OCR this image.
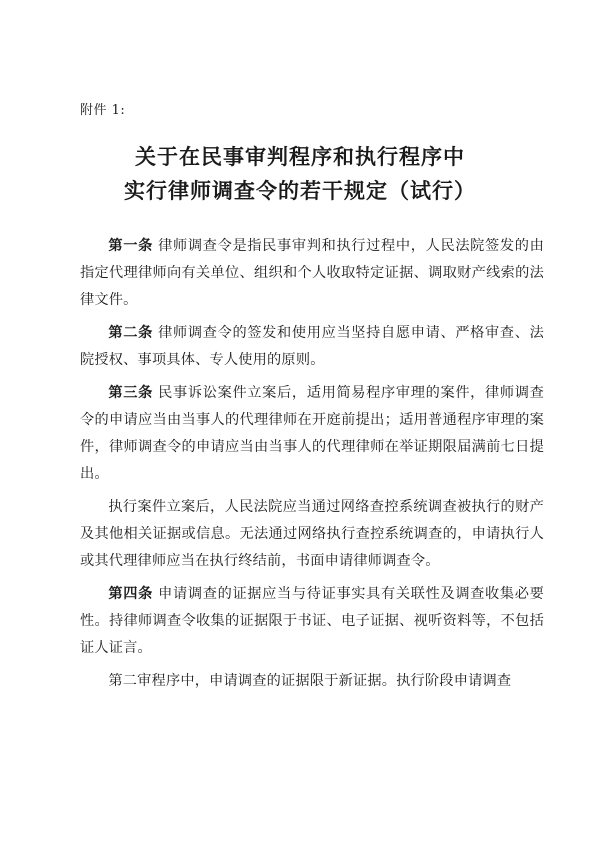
附件 1:
关于在民事审判程序和执行程序中
实行律师调查令的若干规定（试行）

第一条 律师调查令是指民事审判和执行过程中，人民法院签发的由指定代理律师向有关单位、组织和个人收取特定证据、调取财产线索的法律文件。

第二条 律师调查令的签发和使用应当坚持自愿申请、严格审查、法院授权、事项具体、专人使用的原则。

第三条 民事诉讼案件立案后，适用简易程序审理的案件，律师调查令的申请应当由当事人的代理律师在开庭前提出；适用普通程序审理的案件，律师调查令的申请应当由当事人的代理律师在举证期限届满前七日提出。

执行案件立案后，人民法院应当通过网络查控系统调查被执行的财产及其他相关证据或信息。无法通过网络执行查控系统调查的，申请执行人或其代理律师应当在执行终结前，书面申请律师调查令。

第四条 申请调查的证据应当与待证事实具有关联性及调查收集必要性。持律师调查令收集的证据限于书证、电子证据、视听资料等，不包括证人证言。

第二审程序中，申请调查的证据限于新证据。执行阶段申请调查
